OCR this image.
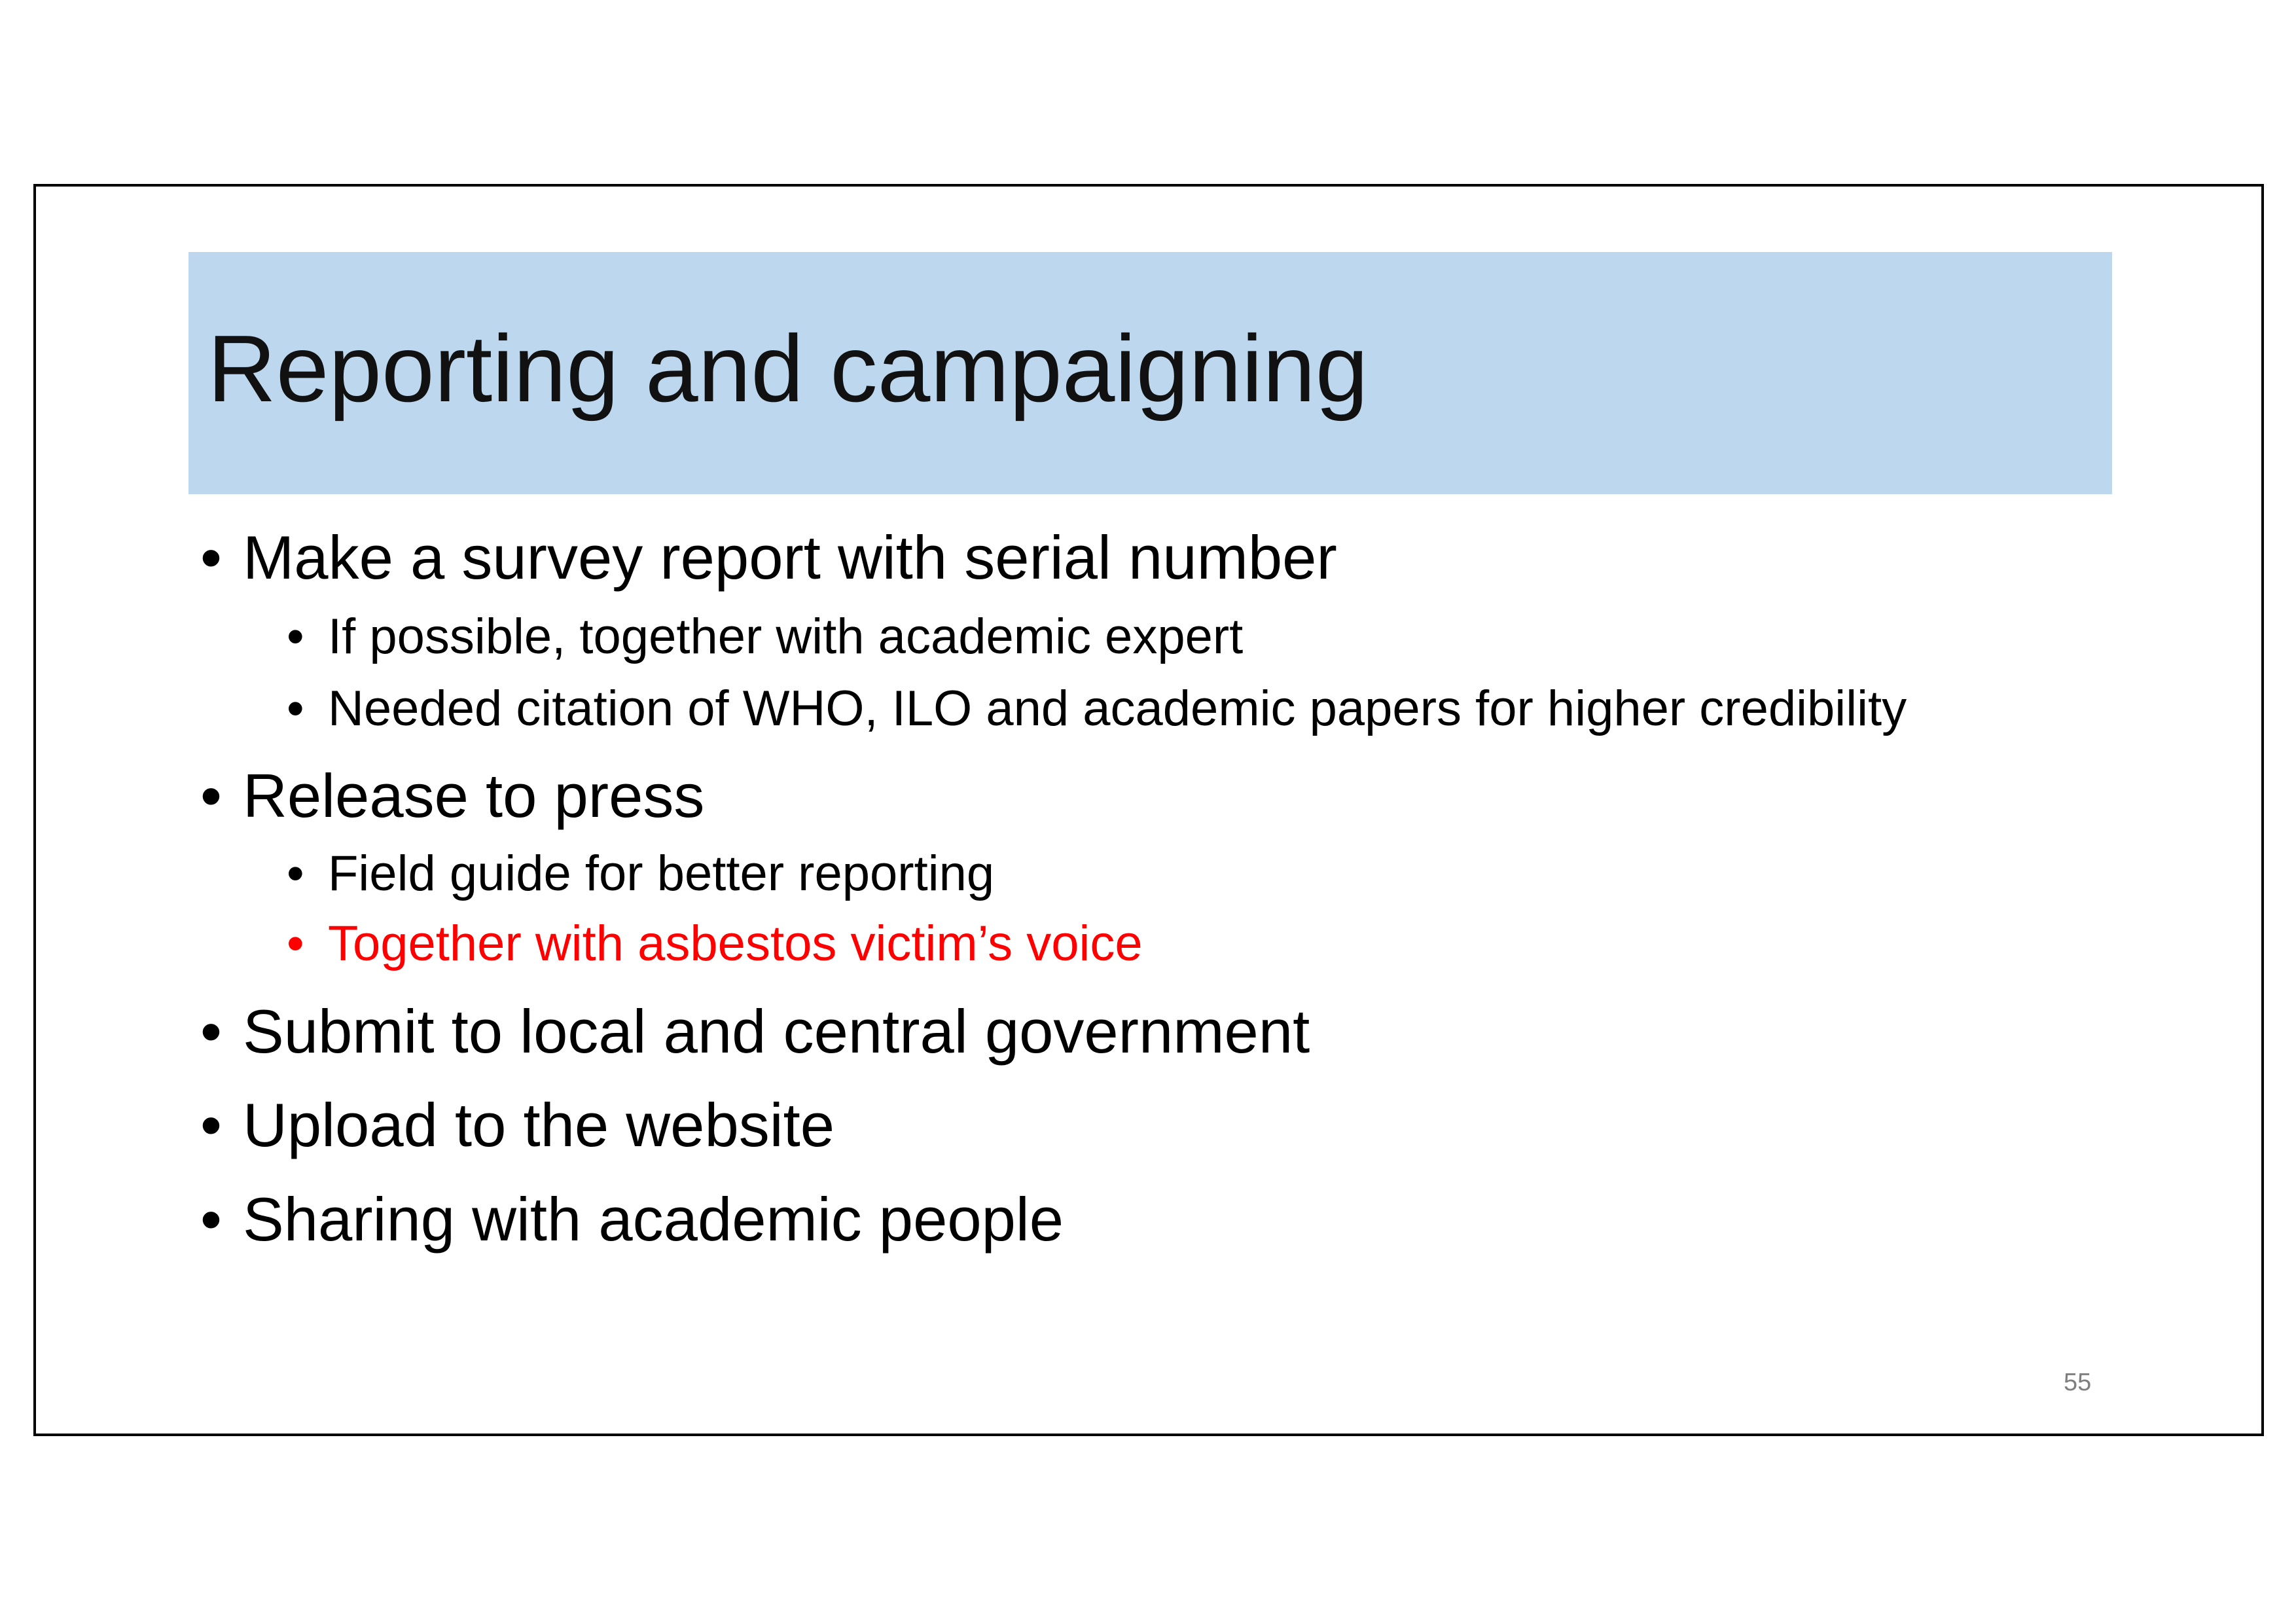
Reporting and campaigning
• Make a survey report with serial number
• If possible, together with academic expert
• Needed citation of WHO, ILO and academic papers for higher credibility
• Release to press
• Field guide for better reporting
• Together with asbestos victim’s voice
• Submit to local and central government
• Upload to the website
• Sharing with academic people
55
